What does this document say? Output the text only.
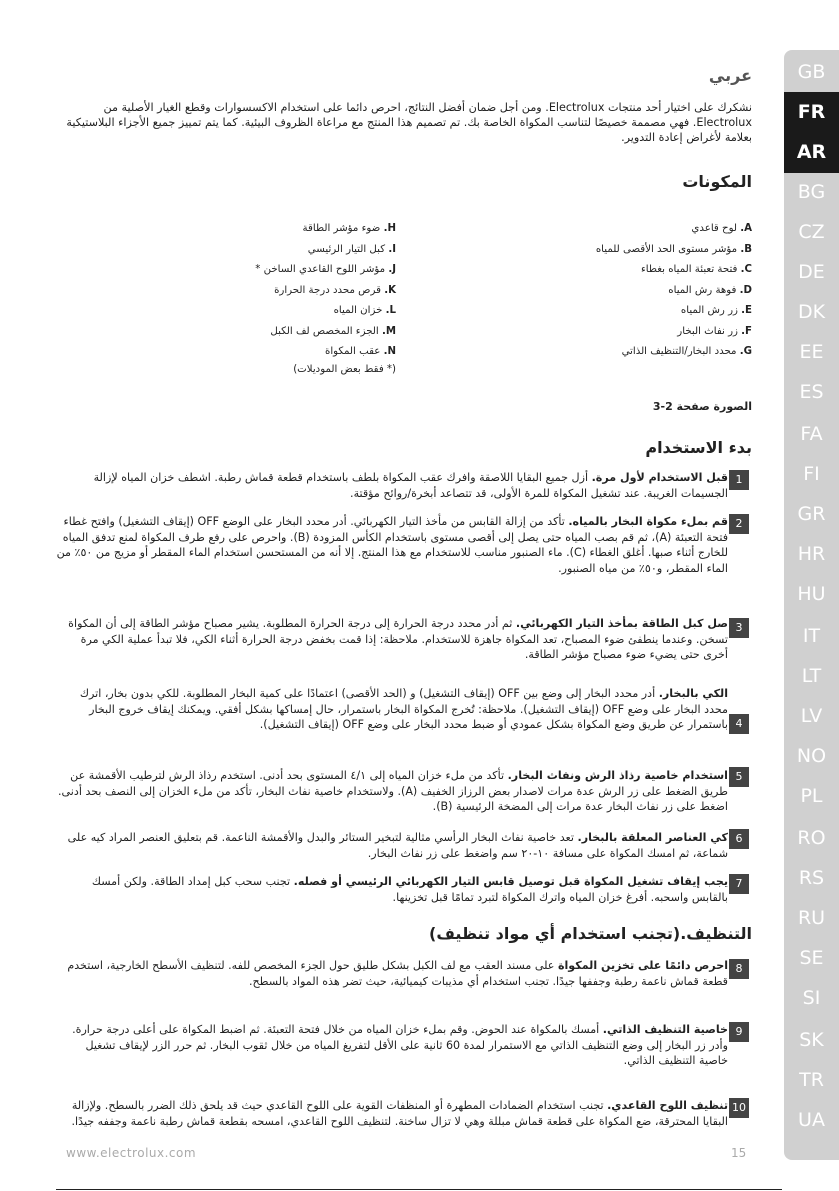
عربي
نشكرك على اختيار أحد منتجات Electrolux. ومن أجل ضمان أفضل النتائج، احرص دائما على استخدام الاكسسوارات وقطع الغيار الأصلية من Electrolux. فهي مصممة خصيصًا لتناسب المكواة الخاصة بك. تم تصميم هذا المنتج مع مراعاة الظروف البيئية. كما يتم تمييز جميع الأجزاء البلاستيكية بعلامة لأغراض إعادة التدوير.
المكونات
A. لوح قاعدي
B. مؤشر مستوى الحد الأقصى للمياه
C. فتحة تعبئة المياه بغطاء
D. فوهة رش المياه
E. زر رش المياه
F. زر نفاث البخار
G. محدد البخار/التنظيف الذاتي
H. ضوء مؤشر الطاقة
I. كبل التيار الرئيسي
J. مؤشر اللوح القاعدي الساخن *
K. قرص محدد درجة الحرارة
L. خزان المياه
M. الجزء المخصص لف الكبل
N. عقب المكواة
(* فقط بعض الموديلات)
الصورة صفحة 2-3
بدء الاستخدام
1
قبل الاستخدام لأول مرة. أزل جميع البقايا اللاصقة وافرك عقب المكواة بلطف باستخدام قطعة قماش رطبة. اشطف خزان المياه لإزالة الجسيمات الغريبة. عند تشغيل المكواة للمرة الأولى، قد تتصاعد أبخرة/روائح مؤقتة.
2
قم بملء مكواة البخار بالمياه. تأكد من إزالة القابس من مأخذ التيار الكهربائي. أدر محدد البخار على الوضع OFF (إيقاف التشغيل) وافتح غطاء فتحة التعبئة (A)، ثم قم بصب المياه حتى يصل إلى أقصى مستوى باستخدام الكأس المزودة (B). واحرص على رفع طرف المكواة لمنع تدفق المياه للخارج أثناء صبها. أغلق الغطاء (C). ماء الصنبور مناسب للاستخدام مع هذا المنتج. إلا أنه من المستحسن استخدام الماء المقطر أو مزيج من ٥٠٪ من الماء المقطر، و٥٠٪ من مياه الصنبور.
3
صل كبل الطاقة بمأخذ التيار الكهربائي. ثم أدر محدد درجة الحرارة إلى درجة الحرارة المطلوبة. يشير مصباح مؤشر الطاقة إلى أن المكواة تسخن. وعندما ينطفئ ضوء المصباح، تعد المكواة جاهزة للاستخدام. ملاحظة: إذا قمت بخفض درجة الحرارة أثناء الكي، فلا تبدأ عملية الكي مرة أخرى حتى يضيء ضوء مصباح مؤشر الطاقة.
4
الكي بالبخار. أدر محدد البخار إلى وضع بين OFF (إيقاف التشغيل) و (الحد الأقصى) اعتمادًا على كمية البخار المطلوبة. للكي بدون بخار، اترك محدد البخار على وضع OFF (إيقاف التشغيل). ملاحظة: تُخرج المكواة البخار باستمرار، حال إمساكها بشكل أفقي. ويمكنك إيقاف خروج البخار باستمرار عن طريق وضع المكواة بشكل عمودي أو ضبط محدد البخار على وضع OFF (إيقاف التشغيل).
5
استخدام خاصية رذاذ الرش ونفاث البخار. تأكد من ملء خزان المياه إلى ٤/١ المستوى بحد أدنى. استخدم رذاذ الرش لترطيب الأقمشة عن طريق الضغط على زر الرش عدة مرات لاصدار بعض الرزاز الخفيف (A). ولاستخدام خاصية نفاث البخار، تأكد من ملء الخزان إلى النصف بحد أدنى. اضغط على زر نفاث البخار عدة مرات إلى المضخة الرئيسية (B).
6
كي العناصر المعلقة بالبخار. تعد خاصية نفاث البخار الرأسي مثالية لتبخير الستائر والبدل والأقمشة الناعمة. قم بتعليق العنصر المراد كيه على شماعة، ثم امسك المكواة على مسافة ١٠-٢٠ سم واضغط على زر نفاث البخار.
7
يجب إيقاف تشغيل المكواة قبل توصيل قابس التيار الكهربائي الرئيسي أو فصله. تجنب سحب كبل إمداد الطاقة. ولكن أمسك بالقابس واسحبه. أفرغ خزان المياه واترك المكواة لتبرد تمامًا قبل تخزينها.
التنظيف.(تجنب استخدام أي مواد تنظيف)
8
احرص دائمًا على تخزين المكواة على مسند العقب مع لف الكبل بشكل طليق حول الجزء المخصص للفه. لتنظيف الأسطح الخارجية، استخدم قطعة قماش ناعمة رطبة وجففها جيدًا. تجنب استخدام أي مذيبات كيميائية، حيث تضر هذه المواد بالسطح.
9
خاصية التنظيف الذاتي. أمسك بالمكواة عند الحوض. وقم بملء خزان المياه من خلال فتحة التعبئة. ثم اضبط المكواة على أعلى درجة حرارة. وأدر زر البخار إلى وضع التنظيف الذاتي مع الاستمرار لمدة 60 ثانية على الأقل لتفريغ المياه من خلال ثقوب البخار. ثم حرر الزر لإيقاف تشغيل خاصية التنظيف الذاتي.
10
تنظيف اللوح القاعدي. تجنب استخدام الضمادات المطهرة أو المنظفات القوية على اللوح القاعدي حيث قد يلحق ذلك الضرر بالسطح. ولإزالة البقايا المحترقة، ضع المكواة على قطعة قماش مبللة وهي لا تزال ساخنة. لتنظيف اللوح القاعدي، امسحه بقطعة قماش رطبة ناعمة وجففه جيدًا.
GB
FR
AR
BG
CZ
DE
DK
EE
ES
FA
FI
GR
HR
HU
IT
LT
LV
NO
PL
RO
RS
RU
SE
SI
SK
TR
UA
www.electrolux.com	15
